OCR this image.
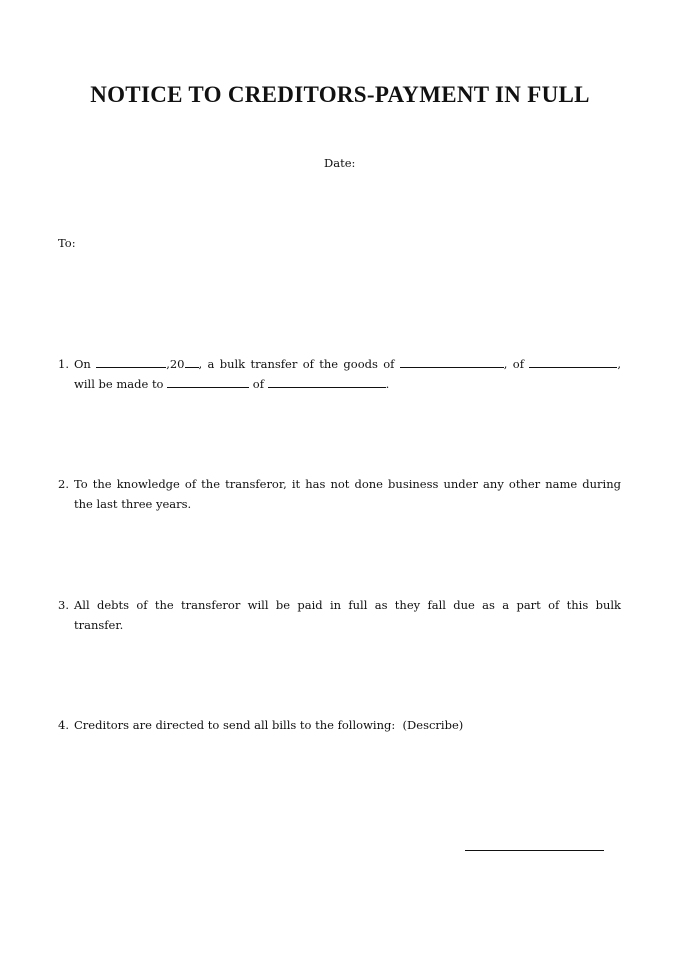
NOTICE TO CREDITORS-PAYMENT IN FULL
Date:
To:
1. On	,20 , a bulk transfer of the goods of	, of	,
will be made to	of	.
2. To the knowledge of the transferor, it has not done business under any other name during
the last three years.
3. All debts of the transferor will be paid in full as they fall due as a part of this bulk
transfer.
4. Creditors are directed to send all bills to the following:  (Describe)
